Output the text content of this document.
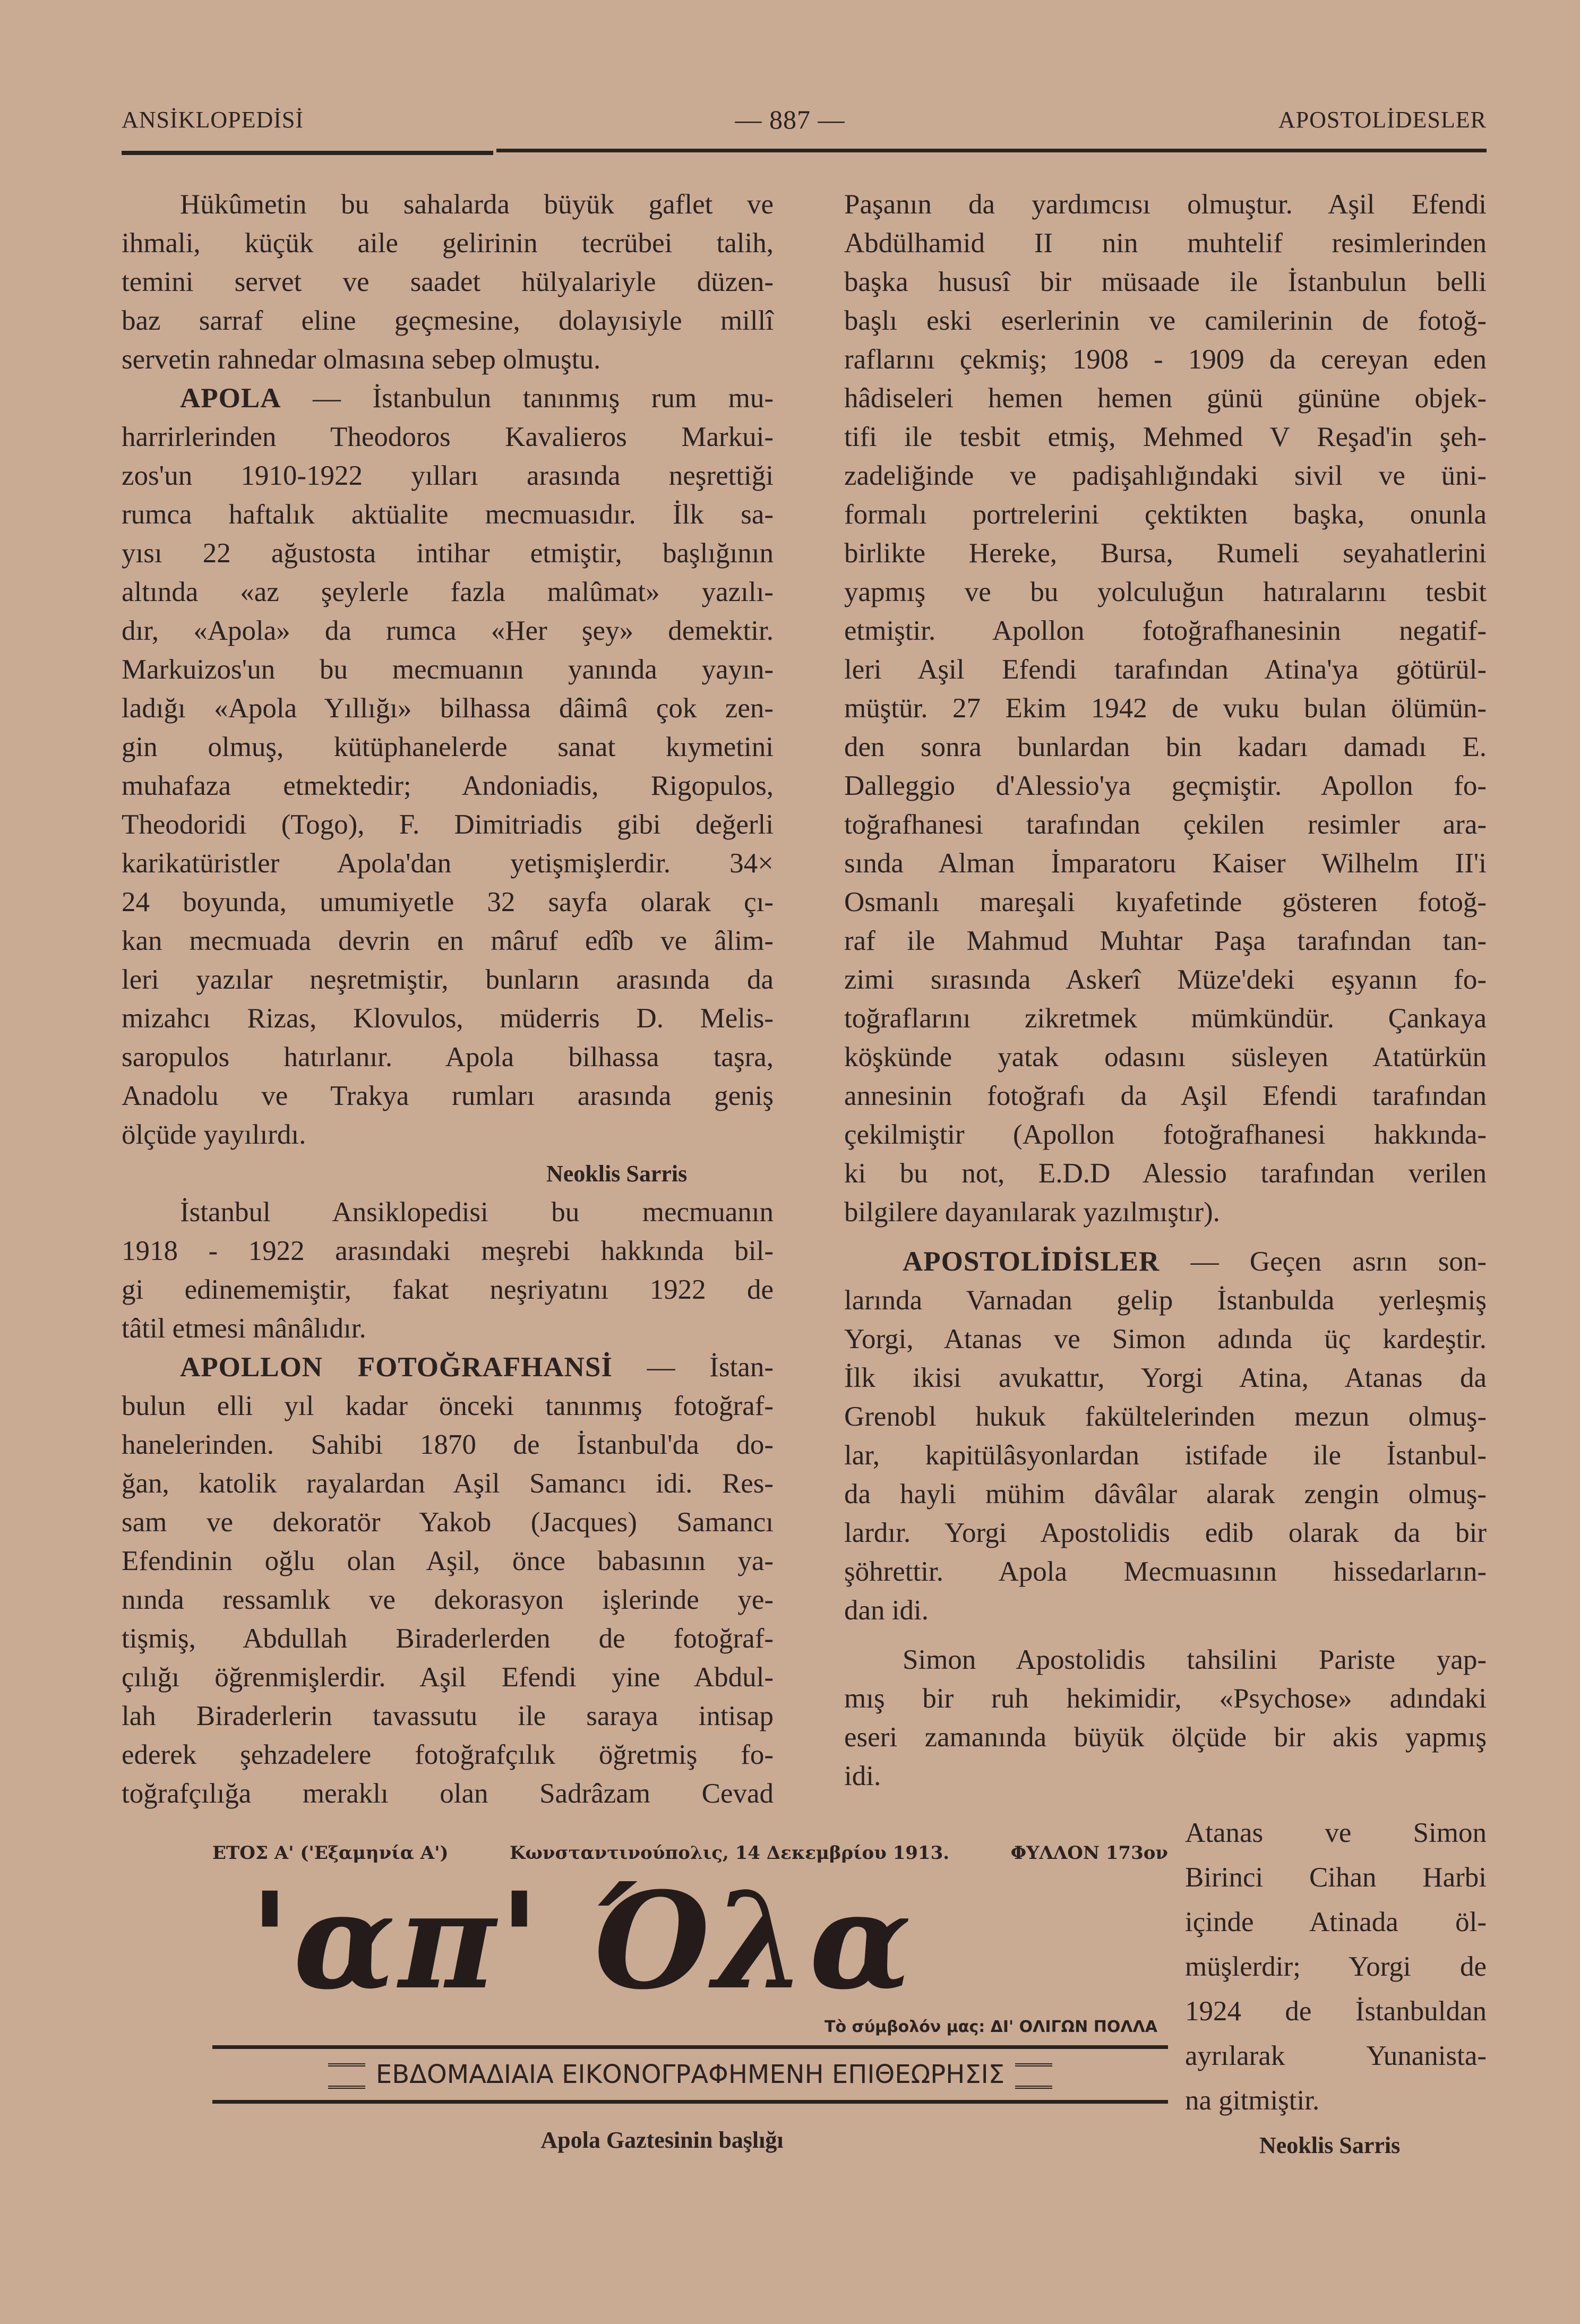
ANSİKLOPEDİSİ	— 887 —	APOSTOLİDESLER
Hükûmetin bu sahalarda büyük gaflet ve
ihmali, küçük aile gelirinin tecrübei talih,
temini servet ve saadet hülyalariyle düzen-
baz sarraf eline geçmesine, dolayısiyle millî
servetin rahnedar olmasına sebep olmuştu.
APOLA — İstanbulun tanınmış rum mu-
harrirlerinden Theodoros Kavalieros Markui-
zos'un 1910-1922 yılları arasında neşrettiği
rumca haftalık aktüalite mecmuasıdır. İlk sa-
yısı 22 ağustosta intihar etmiştir, başlığının
altında «az şeylerle fazla malûmat» yazılı-
dır, «Apola» da rumca «Her şey» demektir.
Markuizos'un bu mecmuanın yanında yayın-
ladığı «Apola Yıllığı» bilhassa dâimâ çok zen-
gin olmuş, kütüphanelerde sanat kıymetini
muhafaza etmektedir; Andoniadis, Rigopulos,
Theodoridi (Togo), F. Dimitriadis gibi değerli
karikatüristler Apola'dan yetişmişlerdir. 34×
24 boyunda, umumiyetle 32 sayfa olarak çı-
kan mecmuada devrin en mâruf edîb ve âlim-
leri yazılar neşretmiştir, bunların arasında da
mizahcı Rizas, Klovulos, müderris D. Melis-
saropulos hatırlanır. Apola bilhassa taşra,
Anadolu ve Trakya rumları arasında geniş
ölçüde yayılırdı.
Neoklis Sarris
İstanbul Ansiklopedisi bu mecmuanın
1918 - 1922 arasındaki meşrebi hakkında bil-
gi edinememiştir, fakat neşriyatını 1922 de
tâtil etmesi mânâlıdır.
APOLLON FOTOĞRAFHANSİ — İstan-
bulun elli yıl kadar önceki tanınmış fotoğraf-
hanelerinden. Sahibi 1870 de İstanbul'da do-
ğan, katolik rayalardan Aşil Samancı idi. Res-
sam ve dekoratör Yakob (Jacques) Samancı
Efendinin oğlu olan Aşil, önce babasının ya-
nında ressamlık ve dekorasyon işlerinde ye-
tişmiş, Abdullah Biraderlerden de fotoğraf-
çılığı öğrenmişlerdir. Aşil Efendi yine Abdul-
lah Biraderlerin tavassutu ile saraya intisap
ederek şehzadelere fotoğrafçılık öğretmiş fo-
toğrafçılığa meraklı olan Sadrâzam Cevad
Paşanın da yardımcısı olmuştur. Aşil Efendi
Abdülhamid II nin muhtelif resimlerinden
başka hususî bir müsaade ile İstanbulun belli
başlı eski eserlerinin ve camilerinin de fotoğ-
raflarını çekmiş; 1908 - 1909 da cereyan eden
hâdiseleri hemen hemen günü gününe objek-
tifi ile tesbit etmiş, Mehmed V Reşad'in şeh-
zadeliğinde ve padişahlığındaki sivil ve üni-
formalı portrelerini çektikten başka, onunla
birlikte Hereke, Bursa, Rumeli seyahatlerini
yapmış ve bu yolculuğun hatıralarını tesbit
etmiştir. Apollon fotoğrafhanesinin negatif-
leri Aşil Efendi tarafından Atina'ya götürül-
müştür. 27 Ekim 1942 de vuku bulan ölümün-
den sonra bunlardan bin kadarı damadı E.
Dalleggio d'Alessio'ya geçmiştir. Apollon fo-
toğrafhanesi tarafından çekilen resimler ara-
sında Alman İmparatoru Kaiser Wilhelm II'i
Osmanlı mareşali kıyafetinde gösteren fotoğ-
raf ile Mahmud Muhtar Paşa tarafından tan-
zimi sırasında Askerî Müze'deki eşyanın fo-
toğraflarını zikretmek mümkündür. Çankaya
köşkünde yatak odasını süsleyen Atatürkün
annesinin fotoğrafı da Aşil Efendi tarafından
çekilmiştir (Apollon fotoğrafhanesi hakkında-
ki bu not, E.D.D Alessio tarafından verilen
bilgilere dayanılarak yazılmıştır).
APOSTOLİDİSLER — Geçen asrın son-
larında Varnadan gelip İstanbulda yerleşmiş
Yorgi, Atanas ve Simon adında üç kardeştir.
İlk ikisi avukattır, Yorgi Atina, Atanas da
Grenobl hukuk fakültelerinden mezun olmuş-
lar, kapitülâsyonlardan istifade ile İstanbul-
da hayli mühim dâvâlar alarak zengin olmuş-
lardır. Yorgi Apostolidis edib olarak da bir
şöhrettir. Apola Mecmuasının hissedarların-
dan idi.
Simon Apostolidis tahsilini Pariste yap-
mış bir ruh hekimidir, «Psychose» adındaki
eseri zamanında büyük ölçüde bir akis yapmış
idi.
ΕΤΟΣ Α' ('Εξαμηνία Α')	Κωνσταντινούπολις, 14 Δεκεμβρίου 1913.	ΦΥΛΛΟΝ 173ον
'απ' Όλα
Τὸ σύμβολόν μας: ΔΙ' ΟΛΙΓΩΝ ΠΟΛΛΑ
ΕΒΔΟΜΑΔΙΑΙΑ ΕΙΚΟΝΟΓΡΑΦΗΜΕΝΗ ΕΠΙΘΕΩΡΗΣΙΣ
Atanas ve Simon
Birinci Cihan Harbi
içinde Atinada öl-
müşlerdir; Yorgi de
1924 de İstanbuldan
ayrılarak Yunanista-
na gitmiştir.
Neoklis Sarris
Apola Gaztesinin başlığı
